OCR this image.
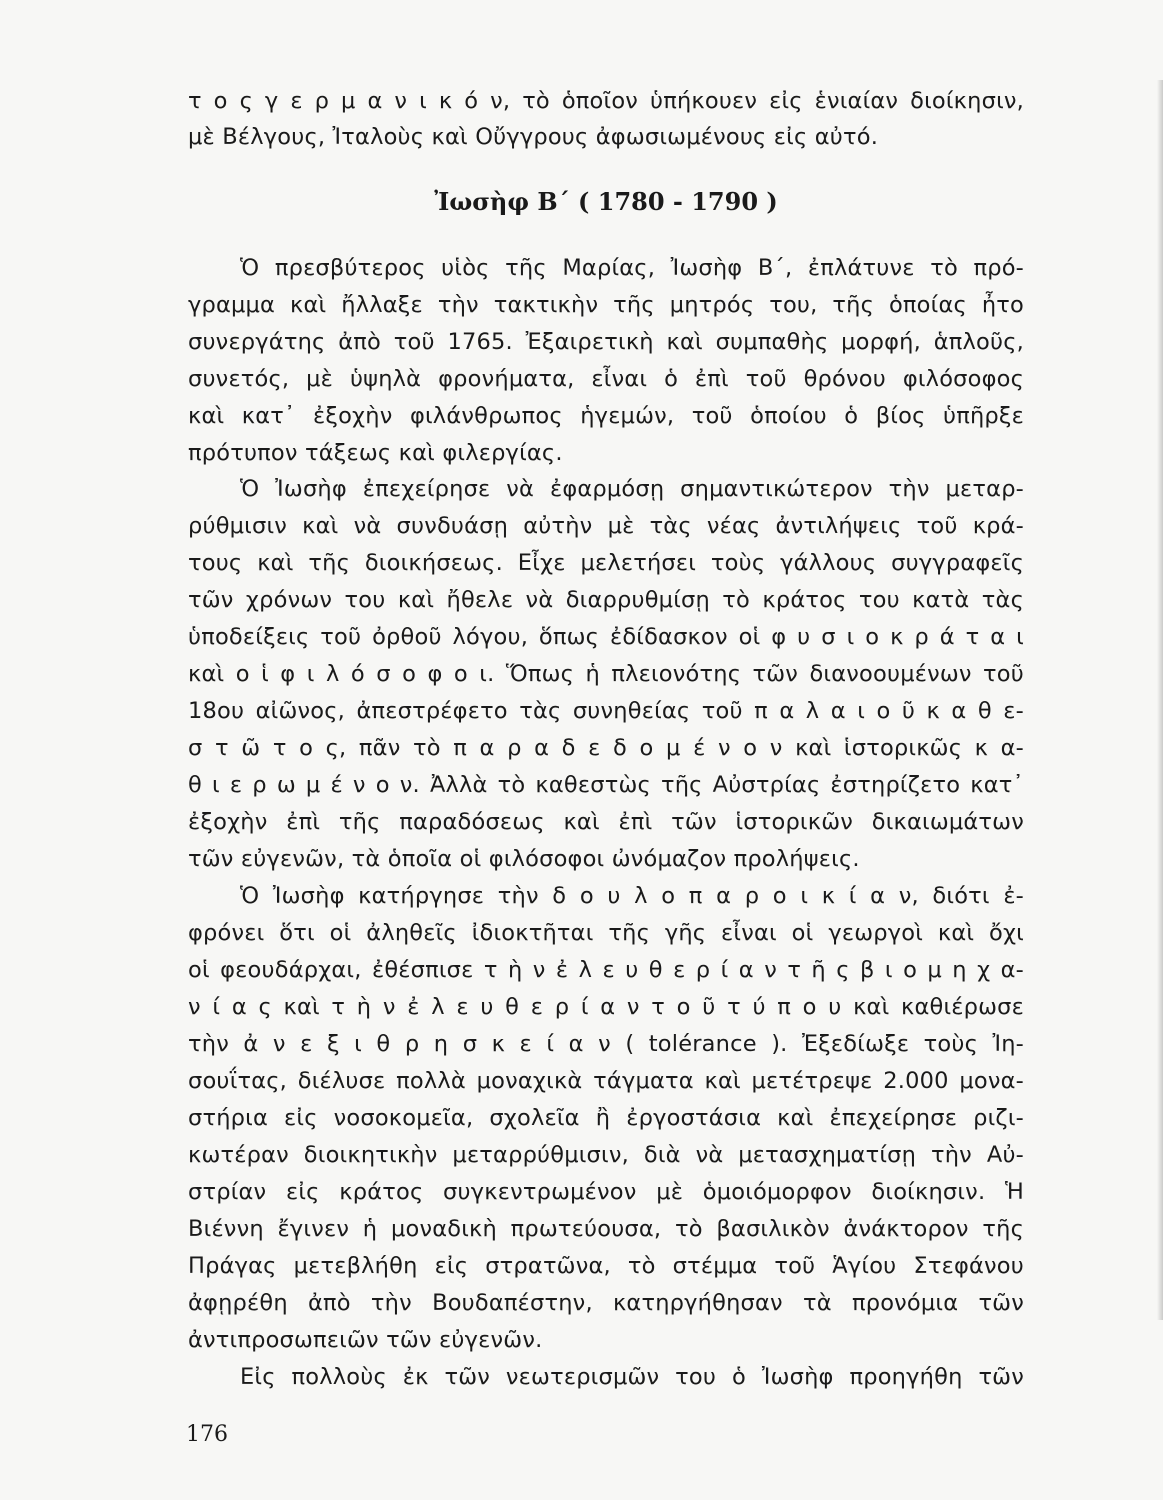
τ ο ς γ ε ρ μ α ν ι κ ό ν, τὸ ὁποῖον ὑπήκουεν εἰς ἑνιαίαν διοίκησιν,
μὲ Βέλγους, Ἰταλοὺς καὶ Οὔγγρους ἀφωσιωμένους εἰς αὐτό.
Ἰωσὴφ Β΄ ( 1780 - 1790 )
Ὁ πρεσβύτερος υἱὸς τῆς Μαρίας, Ἰωσὴφ Β΄, ἐπλάτυνε τὸ πρό-
γραμμα καὶ ἤλλαξε τὴν τακτικὴν τῆς μητρός του, τῆς ὁποίας ἦτο
συνεργάτης ἀπὸ τοῦ 1765. Ἐξαιρετικὴ καὶ συμπαθὴς μορφή, ἁπλοῦς,
συνετός, μὲ ὑψηλὰ φρονήματα, εἶναι ὁ ἐπὶ τοῦ θρόνου φιλόσοφος
καὶ κατ᾽ ἐξοχὴν φιλάνθρωπος ἡγεμών, τοῦ ὁποίου ὁ βίος ὑπῆρξε
πρότυπον τάξεως καὶ φιλεργίας.
Ὁ Ἰωσὴφ ἐπεχείρησε νὰ ἐφαρμόσῃ σημαντικώτερον τὴν μεταρ-
ρύθμισιν καὶ νὰ συνδυάσῃ αὐτὴν μὲ τὰς νέας ἀντιλήψεις τοῦ κρά-
τους καὶ τῆς διοικήσεως. Εἶχε μελετήσει τοὺς γάλλους συγγραφεῖς
τῶν χρόνων του καὶ ἤθελε νὰ διαρρυθμίσῃ τὸ κράτος του κατὰ τὰς
ὑποδείξεις τοῦ ὀρθοῦ λόγου, ὅπως ἐδίδασκον οἱ φ υ σ ι ο κ ρ ά τ α ι
καὶ ο ἱ φ ι λ ό σ ο φ ο ι. Ὅπως ἡ πλειονότης τῶν διανοουμένων τοῦ
18ου αἰῶνος, ἀπεστρέφετο τὰς συνηθείας τοῦ π α λ α ι ο ῦ κ α θ ε-
σ τ ῶ τ ο ς, πᾶν τὸ π α ρ α δ ε δ ο μ έ ν ο ν καὶ ἱστορικῶς κ α-
θ ι ε ρ ω μ έ ν ο ν. Ἀλλὰ τὸ καθεστὼς τῆς Αὐστρίας ἐστηρίζετο κατ᾽
ἐξοχὴν ἐπὶ τῆς παραδόσεως καὶ ἐπὶ τῶν ἱστορικῶν δικαιωμάτων
τῶν εὐγενῶν, τὰ ὁποῖα οἱ φιλόσοφοι ὠνόμαζον προλήψεις.
Ὁ Ἰωσὴφ κατήργησε τὴν δ ο υ λ ο π α ρ ο ι κ ί α ν, διότι ἐ-
φρόνει ὅτι οἱ ἀληθεῖς ἰδιοκτῆται τῆς γῆς εἶναι οἱ γεωργοὶ καὶ ὄχι
οἱ φεουδάρχαι, ἐθέσπισε τ ὴ ν ἐ λ ε υ θ ε ρ ί α ν τ ῆ ς β ι ο μ η χ α-
ν ί α ς καὶ τ ὴ ν ἐ λ ε υ θ ε ρ ί α ν τ ο ῦ τ ύ π ο υ καὶ καθιέρωσε
τὴν ἀ ν ε ξ ι θ ρ η σ κ ε ί α ν ( tolérance ). Ἐξεδίωξε τοὺς Ἰη-
σουΐτας, διέλυσε πολλὰ μοναχικὰ τάγματα καὶ μετέτρεψε 2.000 μονα-
στήρια εἰς νοσοκομεῖα, σχολεῖα ἢ ἐργοστάσια καὶ ἐπεχείρησε ριζι-
κωτέραν διοικητικὴν μεταρρύθμισιν, διὰ νὰ μετασχηματίσῃ τὴν Αὐ-
στρίαν εἰς κράτος συγκεντρωμένον μὲ ὁμοιόμορφον διοίκησιν. Ἡ
Βιέννη ἔγινεν ἡ μοναδικὴ πρωτεύουσα, τὸ βασιλικὸν ἀνάκτορον τῆς
Πράγας μετεβλήθη εἰς στρατῶνα, τὸ στέμμα τοῦ Ἁγίου Στεφάνου
ἀφῃρέθη ἀπὸ τὴν Βουδαπέστην, κατηργήθησαν τὰ προνόμια τῶν
ἀντιπροσωπειῶν τῶν εὐγενῶν.
Εἰς πολλοὺς ἐκ τῶν νεωτερισμῶν του ὁ Ἰωσὴφ προηγήθη τῶν
176
